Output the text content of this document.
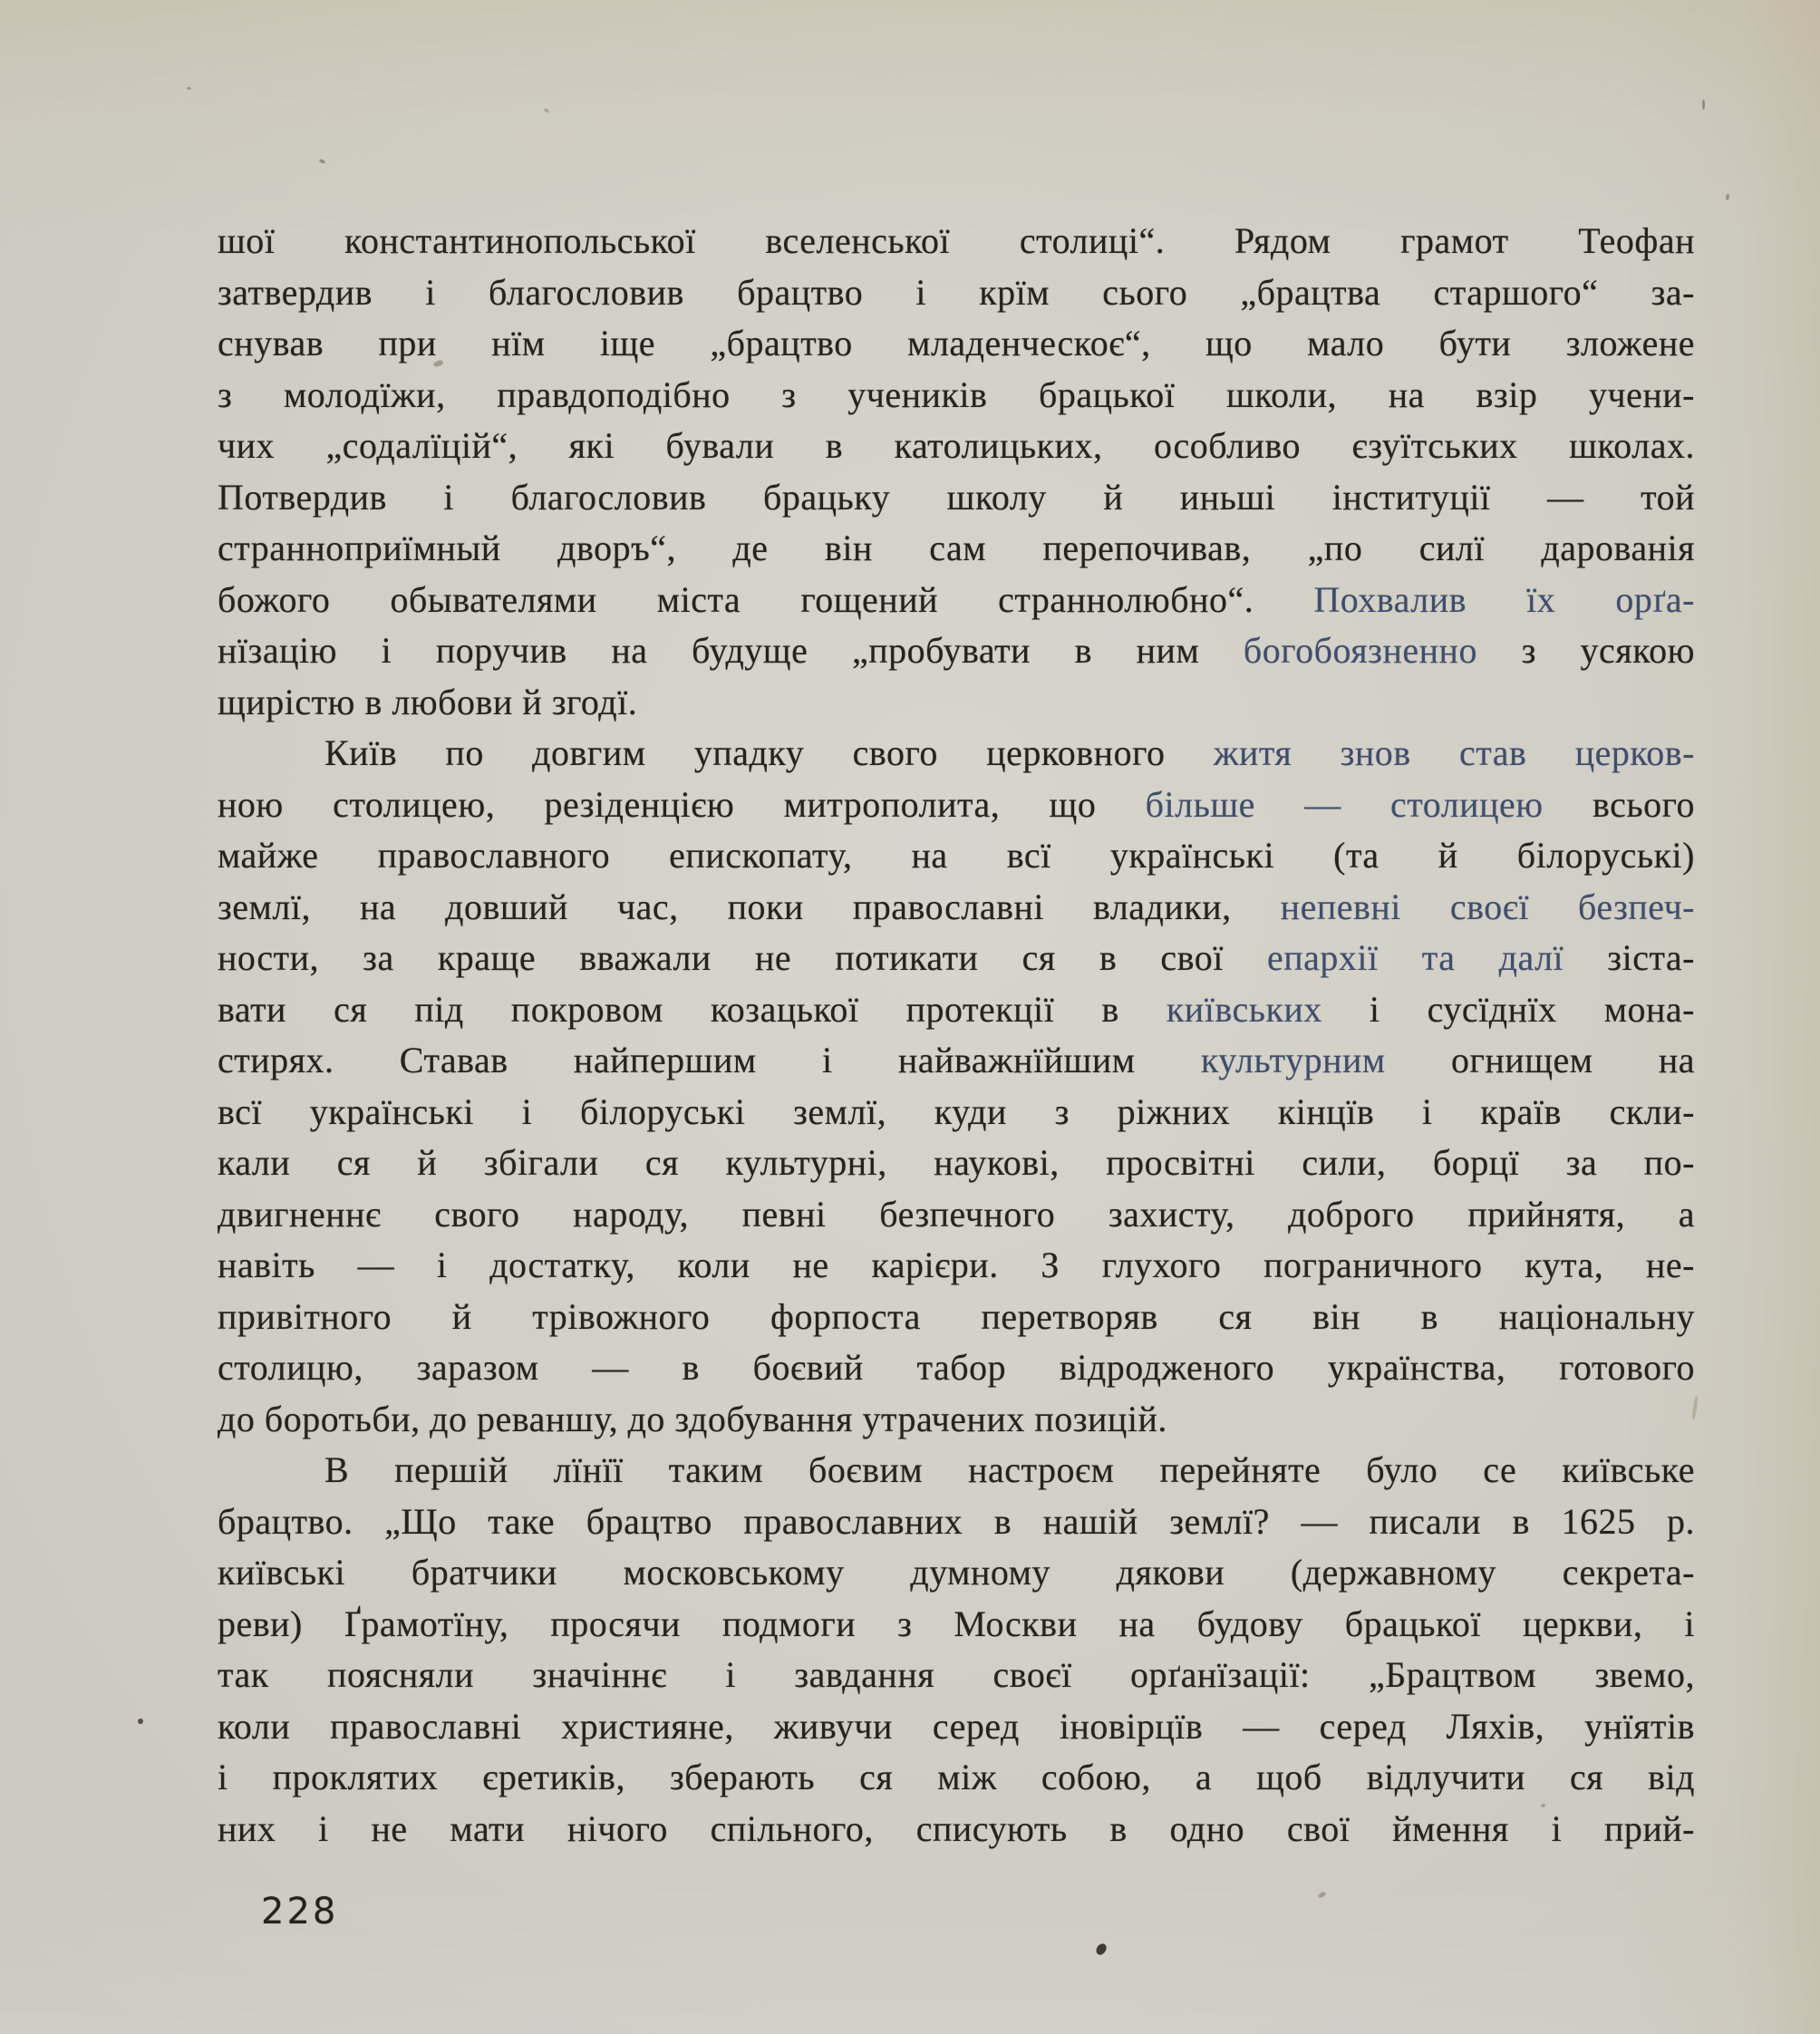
шої константинопольської вселенської столиці“. Рядом грамот Теофан
затвердив і благословив брацтво і крїм сього „брацтва старшого“ за-
снував при нїм іще „брацтво младенческоє“, що мало бути зложене
з молодїжи, правдоподібно з учеників брацької школи, на взір учени-
чих „содалїцій“, які бували в католицьких, особливо єзуїтських школах.
Потвердив і благословив брацьку школу й иньші інституції — той
странноприїмный дворъ“, де він сам перепочивав, „по силї дарованія
божого обывателями міста гощений страннолюбно“. Похвалив їх орґа-
нїзацію і поручив на будуще „пробувати в ним богобоязненно з усякою
щирістю в любови й згодї.
Київ по довгим упадку свого церковного житя знов став церков-
ною столицею, резіденцією митрополита, що більше — столицею всього
майже православного епископату, на всї українські (та й білоруські)
землї, на довший час, поки православні владики, непевні своєї безпеч-
ности, за краще вважали не потикати ся в свої епархії та далї зіста-
вати ся під покровом козацької протекції в київських і сусїднїх мона-
стирях. Ставав найпершим і найважнїйшим культурним огнищем на
всї українські і білоруські землї, куди з ріжних кінцїв і країв скли-
кали ся й збігали ся культурні, наукові, просвітні сили, борцї за по-
двигненнє свого народу, певні безпечного захисту, доброго прийнятя, а
навіть — і достатку, коли не карієри. З глухого пограничного кута, не-
привітного й трівожного форпоста перетворяв ся він в національну
столицю, заразом — в боєвий табор відродженого українства, готового
до боротьби, до реваншу, до здобування утрачених позицій.
В першій лїнїї таким боєвим настроєм перейняте було се київське
брацтво. „Що таке брацтво православних в нашій землї? — писали в 1625 р.
київські братчики московському думному дякови (державному секрета-
реви) Ґрамотїну, просячи подмоги з Москви на будову брацької церкви, і
так поясняли значіннє і завдання своєї орґанїзації: „Брацтвом звемо,
коли православні християне, живучи серед іновірцїв — серед Ляхів, унїятів
і проклятих єретиків, зберають ся між собою, а щоб відлучити ся від
них і не мати нічого спільного, списують в одно свої ймення і прий-
228
